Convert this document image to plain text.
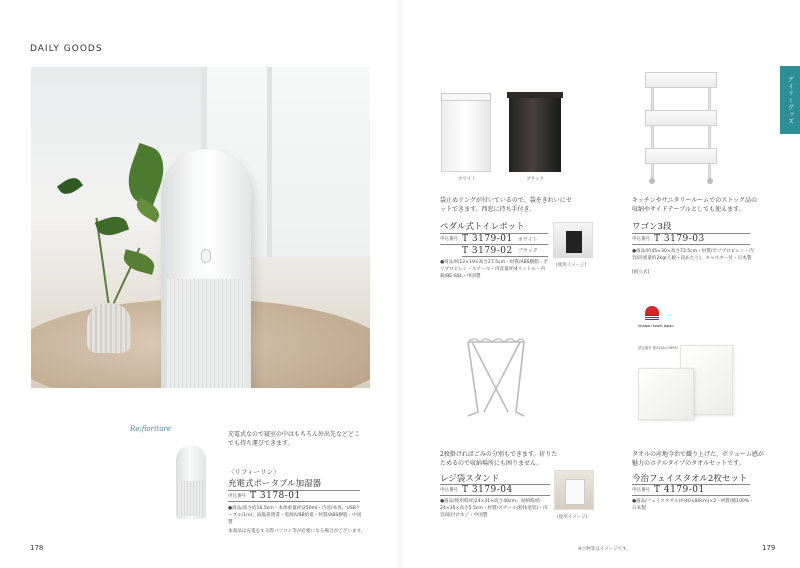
DAILY GOODS
デイリーグッズ
Re:fioriture
充電式なので寝室の中はもちろん外出先などどこでも持ち運びできます。
〈リフィーリン〉
充電式ポータブル加湿器
申込番号 T 3178-01
●商品/高さ約16.5cm・本体重量/約250ml・内容/本体、USBケーブル(1m)、取扱説明書・電源/USB給電・材質/ABS樹脂・中国製
本商品は充電をする際パソコン等が必要になる場合がございます。
178
ホワイト	ブラック
袋止めリングが付いているので、袋をきれいにセットできます。西窓に持ち手付き。
ペダル式トイレポット
申込番号 T 3179-01 ホワイト
T 3179-02 ブラック
●商品/約12×19×高さ27.5cm・材質/ABS樹脂・ポリプロピレン・スチール・内容量/約4リットル・内箱/BE-SSL・中国製
(使用イメージ)
キッチンやサニタリールームでのストック品の収納やサイドテーブルとしても使えます。
ワゴン3段
申込番号 T 3179-03
●商品/約45×30×高さ73.5cm・材質/ポリプロピレン・内容/段重量約2kg(天板・段あたり)、キャスター付・日本製
[組立式]
2枚掛ければごみの分別もできます。折りたためるので収納場所にも困りません。
レジ袋スタンド
申込番号 T 3179-04
●商品/使用時/約24×31×高さ40cm、収納時/約24×35×高さ5.5cm・材質/スチール(粉体塗装)・内容/取付けネジ・中国製	(使用イメージ)
imabari towel Japan
認定番号 第2018-1789号
タオルの産地今治で織り上げた、ボリューム感が魅力のホテルタイプのタオルセットです。
今治フェイスタオル2枚セット
申込番号 T 4179-01
●商品/フェイスタオル(約40×80cm)×2・材質/綿100%・日本製
※小物等はイメージです。	179
